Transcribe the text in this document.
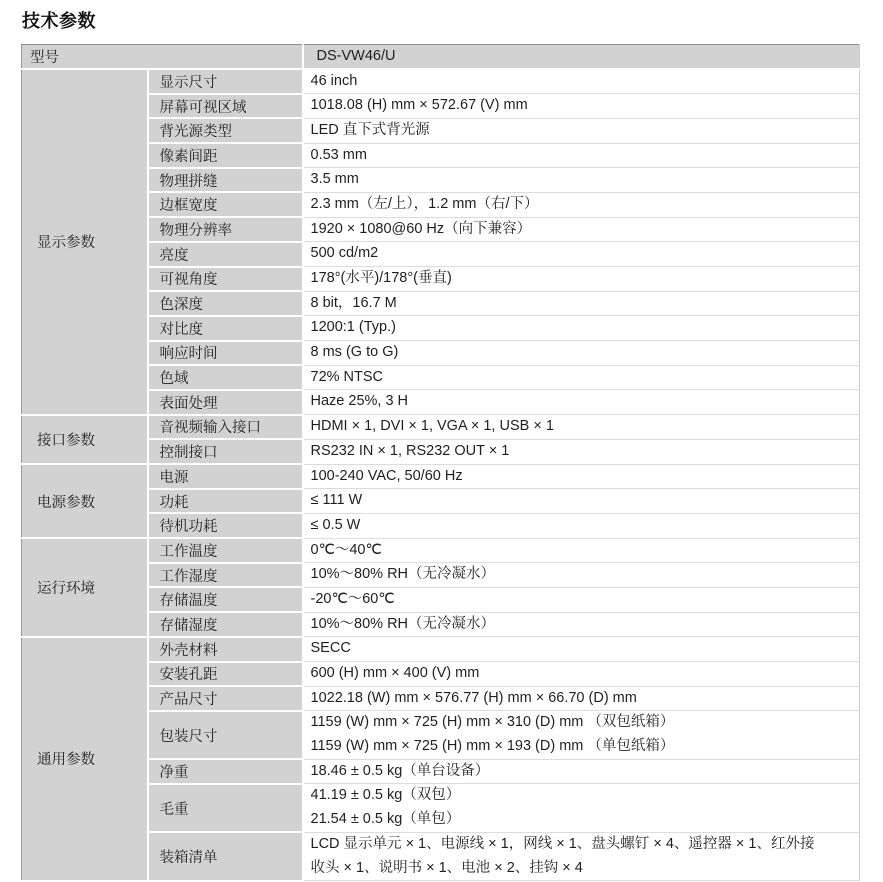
技术参数
型号		DS-VW46/U
显示参数	显示尺寸	46 inch

	屏幕可视区域	1018.08 (H) mm × 572.67 (V) mm

	背光源类型	LED 直下式背光源

	像素间距	0.53 mm

	物理拼缝	3.5 mm

	边框宽度	2.3 mm（左/上），1.2 mm（右/下）

	物理分辨率	1920 × 1080@60 Hz（向下兼容）

	亮度	500 cd/m2

	可视角度	178°(水平)/178°(垂直)

	色深度	8 bit，16.7 M

	对比度	1200:1 (Typ.)

	响应时间	8 ms (G to G)

	色域	72% NTSC

	表面处理	Haze 25%, 3 H

接口参数	音视频输入接口	HDMI × 1, DVI × 1, VGA × 1, USB × 1

	控制接口	RS232 IN × 1, RS232 OUT × 1

电源参数	电源	100-240 VAC, 50/60 Hz

	功耗	≤ 111 W

	待机功耗	≤ 0.5 W

运行环境	工作温度	0℃～40℃

	工作湿度	10%～80% RH（无冷凝水）

	存储温度	-20℃～60℃

	存储湿度	10%～80% RH（无冷凝水）

通用参数	外壳材料	SECC

	安装孔距	600 (H) mm × 400 (V) mm

	产品尺寸	1022.18 (W) mm × 576.77 (H) mm × 66.70 (D) mm

	包装尺寸	1159 (W) mm × 725 (H) mm × 310 (D) mm （双包纸箱）
1159 (W) mm × 725 (H) mm × 193 (D) mm （单包纸箱）

	净重	18.46 ± 0.5 kg（单台设备）

	毛重	41.19 ± 0.5 kg（双包）
21.54 ± 0.5 kg（单包）

	装箱清单	LCD 显示单元 × 1、电源线 × 1，网线 × 1、盘头螺钉 × 4、遥控器 × 1、红外接
收头 × 1、说明书 × 1、电池 × 2、挂钩 × 4
